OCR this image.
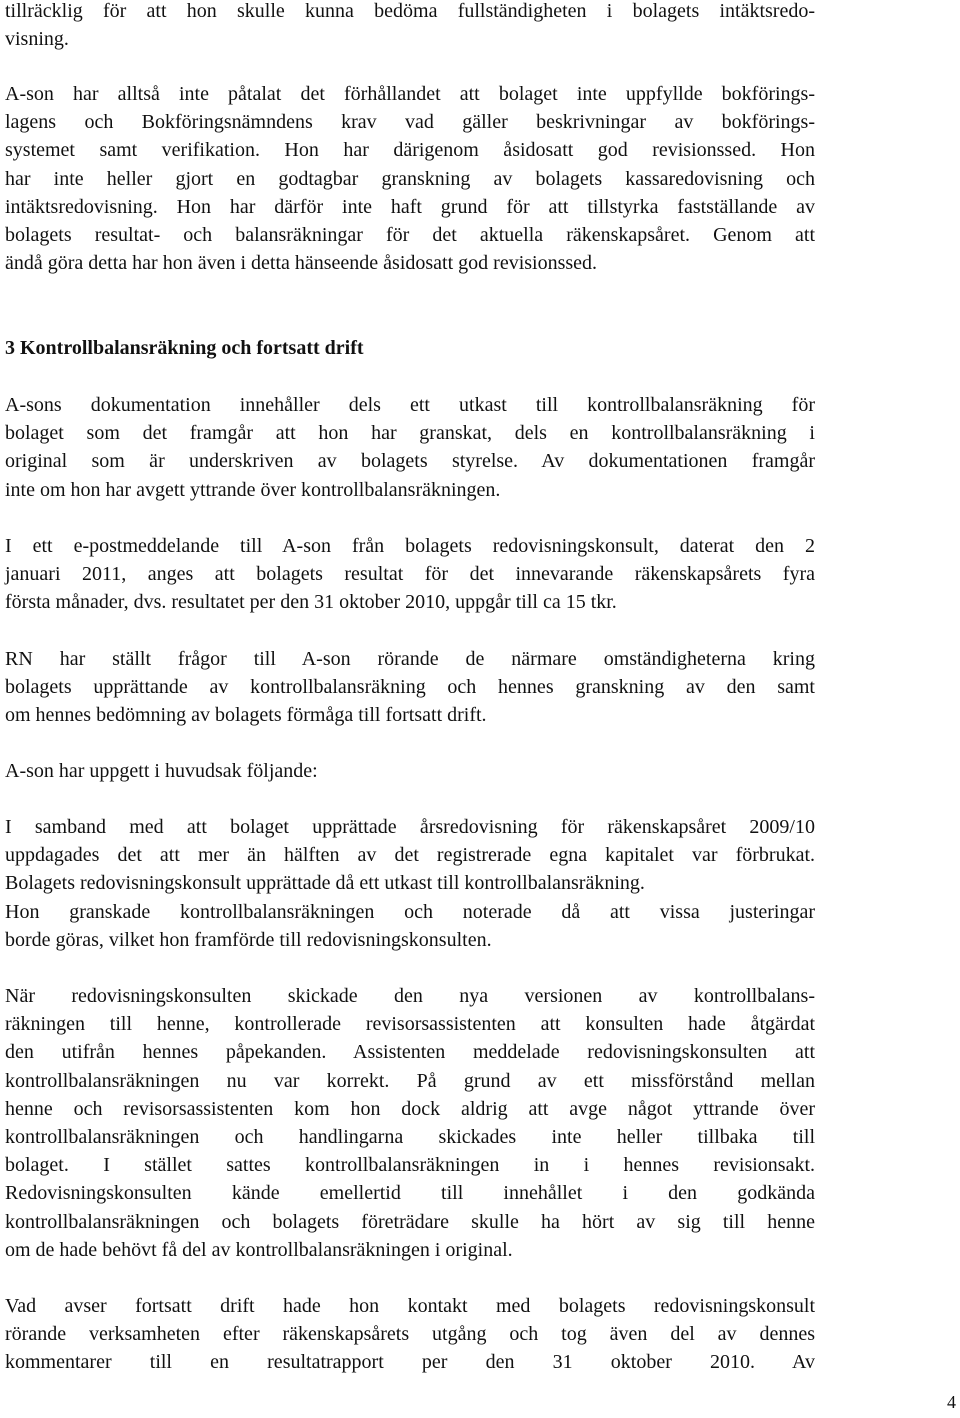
tillräcklig för att hon skulle kunna bedöma fullständigheten i bolagets intäktsredo-
visning.
A-son har alltså inte påtalat det förhållandet att bolaget inte uppfyllde bokförings-
lagens och Bokföringsnämndens krav vad gäller beskrivningar av bokförings-
systemet samt verifikation. Hon har därigenom åsidosatt god revisionssed. Hon
har inte heller gjort en godtagbar granskning av bolagets kassaredovisning och
intäktsredovisning. Hon har därför inte haft grund för att tillstyrka fastställande av
bolagets resultat- och balansräkningar för det aktuella räkenskapsåret. Genom att
ändå göra detta har hon även i detta hänseende åsidosatt god revisionssed.
3 Kontrollbalansräkning och fortsatt drift
A-sons dokumentation innehåller dels ett utkast till kontrollbalansräkning för
bolaget som det framgår att hon har granskat, dels en kontrollbalansräkning i
original som är underskriven av bolagets styrelse. Av dokumentationen framgår
inte om hon har avgett yttrande över kontrollbalansräkningen.
I ett e-postmeddelande till A-son från bolagets redovisningskonsult, daterat den 2
januari 2011, anges att bolagets resultat för det innevarande räkenskapsårets fyra
första månader, dvs. resultatet per den 31 oktober 2010, uppgår till ca 15 tkr.
RN har ställt frågor till A-son rörande de närmare omständigheterna kring
bolagets upprättande av kontrollbalansräkning och hennes granskning av den samt
om hennes bedömning av bolagets förmåga till fortsatt drift.
A-son har uppgett i huvudsak följande:
I samband med att bolaget upprättade årsredovisning för räkenskapsåret 2009/10
uppdagades det att mer än hälften av det registrerade egna kapitalet var förbrukat.
Bolagets redovisningskonsult upprättade då ett utkast till kontrollbalansräkning.
Hon granskade kontrollbalansräkningen och noterade då att vissa justeringar
borde göras, vilket hon framförde till redovisningskonsulten.
När redovisningskonsulten skickade den nya versionen av kontrollbalans-
räkningen till henne, kontrollerade revisorsassistenten att konsulten hade åtgärdat
den utifrån hennes påpekanden. Assistenten meddelade redovisningskonsulten att
kontrollbalansräkningen nu var korrekt. På grund av ett missförstånd mellan
henne och revisorsassistenten kom hon dock aldrig att avge något yttrande över
kontrollbalansräkningen och handlingarna skickades inte heller tillbaka till
bolaget. I stället sattes kontrollbalansräkningen in i hennes revisionsakt.
Redovisningskonsulten kände emellertid till innehållet i den godkända
kontrollbalansräkningen och bolagets företrädare skulle ha hört av sig till henne
om de hade behövt få del av kontrollbalansräkningen i original.
Vad avser fortsatt drift hade hon kontakt med bolagets redovisningskonsult
rörande verksamheten efter räkenskapsårets utgång och tog även del av dennes
kommentarer till en resultatrapport per den 31 oktober 2010. Av
4
